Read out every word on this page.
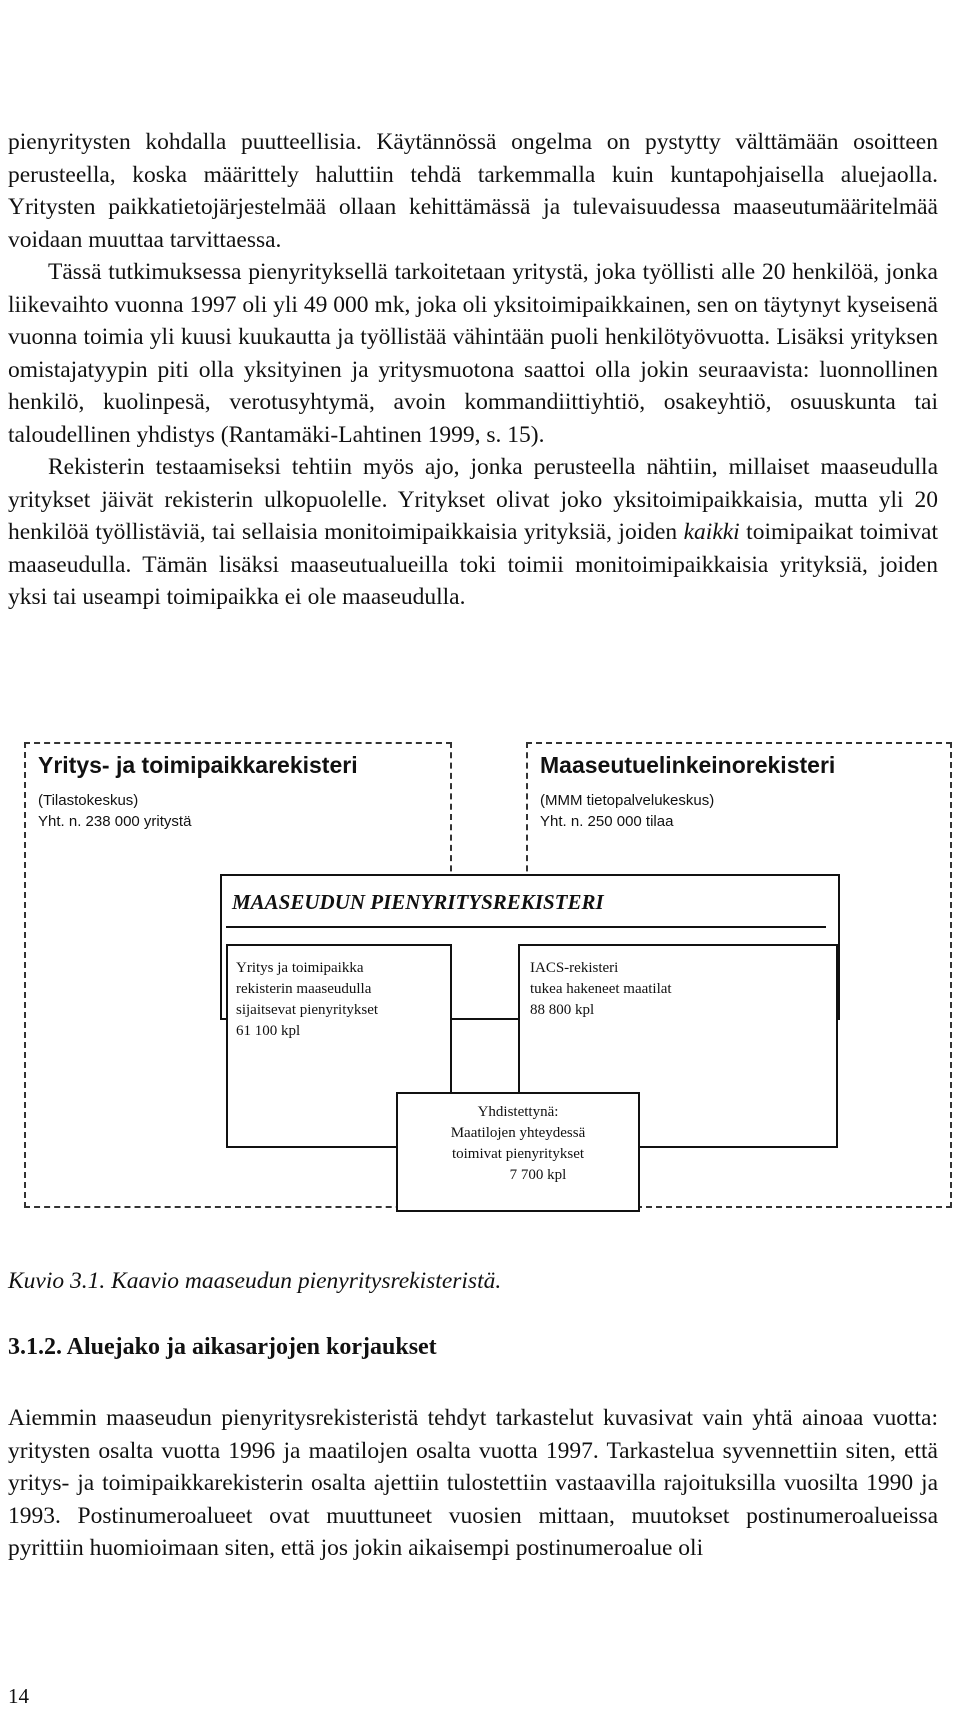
pienyritysten kohdalla puutteellisia. Käytännössä ongelma on pystytty välttämään osoitteen perusteella, koska määrittely haluttiin tehdä tarkemmalla kuin kuntapohjaisella aluejaolla. Yritysten paikkatietojärjestelmää ollaan kehittämässä ja tulevaisuudessa maaseutumääritelmää voidaan muuttaa tarvittaessa.

Tässä tutkimuksessa pienyrityksellä tarkoitetaan yritystä, joka työllisti alle 20 henkilöä, jonka liikevaihto vuonna 1997 oli yli 49 000 mk, joka oli yksitoimipaikkainen, sen on täytynyt kyseisenä vuonna toimia yli kuusi kuukautta ja työllistää vähintään puoli henkilötyövuotta. Lisäksi yrityksen omistajatyypin piti olla yksityinen ja yritysmuotona saattoi olla jokin seuraavista: luonnollinen henkilö, kuolinpesä, verotusyhtymä, avoin kommandiittiyhtiö, osakeyhtiö, osuuskunta tai taloudellinen yhdistys (Rantamäki-Lahtinen 1999, s. 15).

Rekisterin testaamiseksi tehtiin myös ajo, jonka perusteella nähtiin, millaiset maaseudulla yritykset jäivät rekisterin ulkopuolelle. Yritykset olivat joko yksitoimipaikkaisia, mutta yli 20 henkilöä työllistäviä, tai sellaisia monitoimipaikkaisia yrityksiä, joiden kaikki toimipaikat toimivat maaseudulla. Tämän lisäksi maaseutualueilla toki toimii monitoimipaikkaisia yrityksiä, joiden yksi tai useampi toimipaikka ei ole maaseudulla.

Yritys- ja toimipaikkarekisteri
(Tilastokeskus)
Yht. n. 238 000 yritystä
Maaseutuelinkeinorekisteri
(MMM tietopalvelukeskus)
Yht. n. 250 000 tilaa
MAASEUDUN PIENYRITYSREKISTERI
Yritys ja toimipaikka
rekisterin maaseudulla
sijaitsevat pienyritykset
61 100 kpl
IACS-rekisteri
tukea hakeneet maatilat
88 800 kpl
Yhdistettynä:
Maatilojen yhteydessä
toimivat pienyritykset
7 700 kpl
Kuvio 3.1. Kaavio maaseudun pienyritysrekisteristä.
3.1.2. Aluejako ja aikasarjojen korjaukset

Aiemmin maaseudun pienyritysrekisteristä tehdyt tarkastelut kuvasivat vain yhtä ainoaa vuotta: yritysten osalta vuotta 1996 ja maatilojen osalta vuotta 1997. Tarkastelua syvennettiin siten, että yritys- ja toimipaikkarekisterin osalta ajettiin tulostettiin vastaavilla rajoituksilla vuosilta 1990 ja 1993. Postinumeroalueet ovat muuttuneet vuosien mittaan, muutokset postinumeroalueissa pyrittiin huomioimaan siten, että jos jokin aikaisempi postinumeroalue oli

14
